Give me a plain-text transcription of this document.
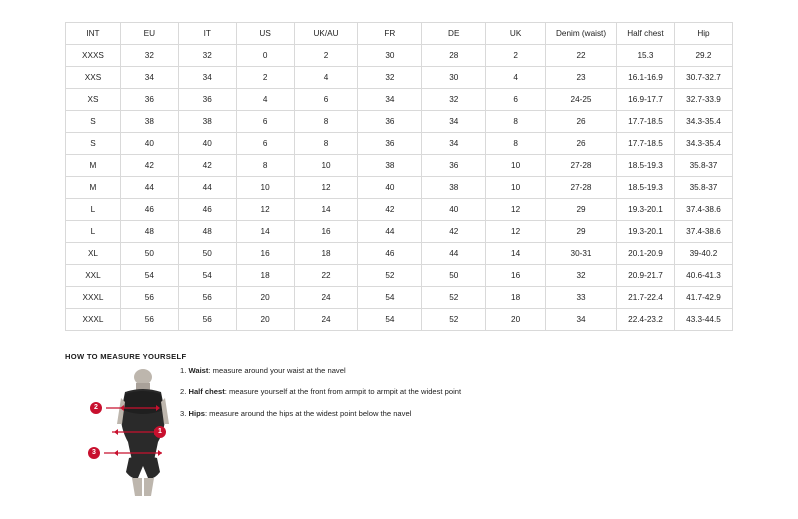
INT	EU	IT	US	UK/AU	FR	DE	UK	Denim (waist)	Half chest	Hip
XXXS	32	32	0	2	30	28	2	22	15.3	29.2
XXS	34	34	2	4	32	30	4	23	16.1-16.9	30.7-32.7
XS	36	36	4	6	34	32	6	24-25	16.9-17.7	32.7-33.9
S	38	38	6	8	36	34	8	26	17.7-18.5	34.3-35.4
S	40	40	6	8	36	34	8	26	17.7-18.5	34.3-35.4
M	42	42	8	10	38	36	10	27-28	18.5-19.3	35.8-37
M	44	44	10	12	40	38	10	27-28	18.5-19.3	35.8-37
L	46	46	12	14	42	40	12	29	19.3-20.1	37.4-38.6
L	48	48	14	16	44	42	12	29	19.3-20.1	37.4-38.6
XL	50	50	16	18	46	44	14	30-31	20.1-20.9	39-40.2
XXL	54	54	18	22	52	50	16	32	20.9-21.7	40.6-41.3
XXXL	56	56	20	24	54	52	18	33	21.7-22.4	41.7-42.9
XXXL	56	56	20	24	54	52	20	34	22.4-23.2	43.3-44.5
HOW TO MEASURE YOURSELF
1
2
3

1. Waist: measure around your waist at the navel

2. Half chest: measure yourself at the front from armpit to armpit at the widest point

3. Hips: measure around the hips at the widest point below the navel
